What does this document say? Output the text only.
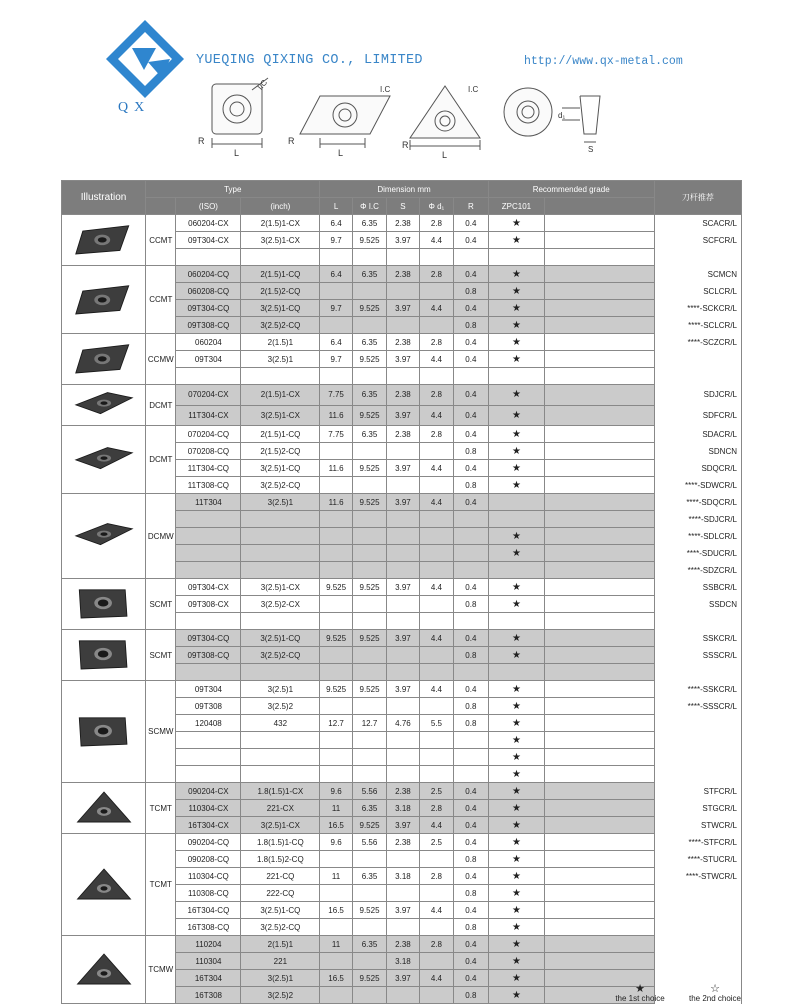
QX
YUEQING QIXING CO., LIMITED	http://www.qx-metal.com
R
L
I.C
R
L
I.C
R
L
I.C
d₁
S
Illustration	Type			Dimension mm					Recommended grade		刀杆推荐
		(ISO)	(inch)	L	Φ I.C	S	Φ d₁	R	ZPC101		
	CCMT	060204-CX	2(1.5)1-CX	6.4	6.35	2.38	2.8	0.4	★		SCACR/L
		09T304-CX	3(2.5)1-CX	9.7	9.525	3.97	4.4	0.4	★		SCFCR/L

	CCMT	060204-CQ	2(1.5)1-CQ	6.4	6.35	2.38	2.8	0.4	★		SCMCN
		060208-CQ	2(1.5)2-CQ					0.8	★		SCLCR/L
		09T304-CQ	3(2.5)1-CQ	9.7	9.525	3.97	4.4	0.4	★		****-SCKCR/L
		09T308-CQ	3(2.5)2-CQ					0.8	★		****-SCLCR/L
	CCMW	060204	2(1.5)1	6.4	6.35	2.38	2.8	0.4	★		****-SCZCR/L
		09T304	3(2.5)1	9.7	9.525	3.97	4.4	0.4	★		

	DCMT	070204-CX	2(1.5)1-CX	7.75	6.35	2.38	2.8	0.4	★		SDJCR/L
		11T304-CX	3(2.5)1-CX	11.6	9.525	3.97	4.4	0.4	★		SDFCR/L
	DCMT	070204-CQ	2(1.5)1-CQ	7.75	6.35	2.38	2.8	0.4	★		SDACR/L
		070208-CQ	2(1.5)2-CQ					0.8	★		SDNCN
		11T304-CQ	3(2.5)1-CQ	11.6	9.525	3.97	4.4	0.4	★		SDQCR/L
		11T308-CQ	3(2.5)2-CQ					0.8	★		****-SDWCR/L
	DCMW	11T304	3(2.5)1	11.6	9.525	3.97	4.4	0.4			****-SDQCR/L
											****-SDJCR/L
									★		****-SDLCR/L
									★		****-SDUCR/L
											****-SDZCR/L
	SCMT	09T304-CX	3(2.5)1-CX	9.525	9.525	3.97	4.4	0.4	★		SSBCR/L
		09T308-CX	3(2.5)2-CX					0.8	★		SSDCN

	SCMT	09T304-CQ	3(2.5)1-CQ	9.525	9.525	3.97	4.4	0.4	★		SSKCR/L
		09T308-CQ	3(2.5)2-CQ					0.8	★		SSSCR/L

	SCMW	09T304	3(2.5)1	9.525	9.525	3.97	4.4	0.4	★		****-SSKCR/L
		09T308	3(2.5)2					0.8	★		****-SSSCR/L
		120408	432	12.7	12.7	4.76	5.5	0.8	★		
									★		
									★		
									★		
	TCMT	090204-CX	1.8(1.5)1-CX	9.6	5.56	2.38	2.5	0.4	★		STFCR/L
		110304-CX	221-CX	11	6.35	3.18	2.8	0.4	★		STGCR/L
		16T304-CX	3(2.5)1-CX	16.5	9.525	3.97	4.4	0.4	★		STWCR/L
	TCMT	090204-CQ	1.8(1.5)1-CQ	9.6	5.56	2.38	2.5	0.4	★		****-STFCR/L
		090208-CQ	1.8(1.5)2-CQ					0.8	★		****-STUCR/L
		110304-CQ	221-CQ	11	6.35	3.18	2.8	0.4	★		****-STWCR/L
		110308-CQ	222-CQ					0.8	★		
		16T304-CQ	3(2.5)1-CQ	16.5	9.525	3.97	4.4	0.4	★		
		16T308-CQ	3(2.5)2-CQ					0.8	★		
	TCMW	110204	2(1.5)1	11	6.35	2.38	2.8	0.4	★		
		110304	221			3.18		0.4	★		
		16T304	3(2.5)1	16.5	9.525	3.97	4.4	0.4	★		
		16T308	3(2.5)2					0.8	★			★
the 1st choice
☆
the 2nd choice
